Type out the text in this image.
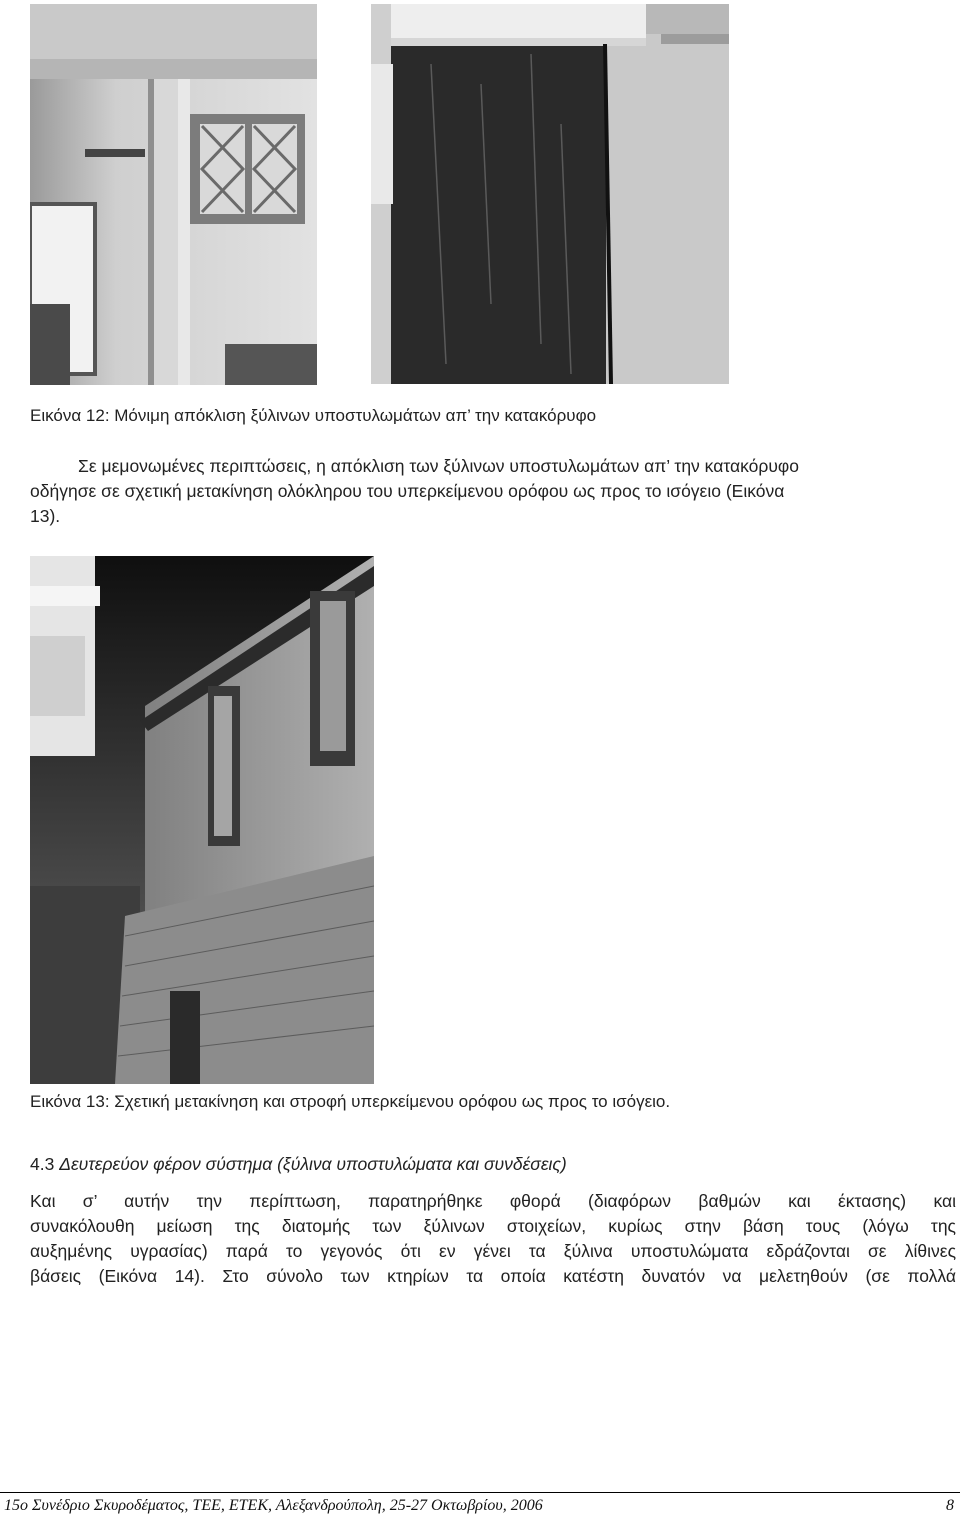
Εικόνα 12: Μόνιμη απόκλιση ξύλινων υποστυλωμάτων απ’ την κατακόρυφο
Σε μεμονωμένες περιπτώσεις, η απόκλιση των ξύλινων υποστυλωμάτων απ’ την κατακόρυφο
οδήγησε σε σχετική μετακίνηση ολόκληρου του υπερκείμενου ορόφου ως προς το ισόγειο (Εικόνα
13).
Εικόνα 13: Σχετική μετακίνηση και στροφή υπερκείμενου ορόφου ως προς το ισόγειο.
4.3 Δευτερεύον φέρον σύστημα (ξύλινα υποστυλώματα και συνδέσεις)
Και σ’ αυτήν την περίπτωση, παρατηρήθηκε φθορά (διαφόρων βαθμών και έκτασης) και
συνακόλουθη μείωση της διατομής των ξύλινων στοιχείων, κυρίως στην βάση τους (λόγω της
αυξημένης υγρασίας) παρά το γεγονός ότι εν γένει τα ξύλινα υποστυλώματα εδράζονται σε λίθινες
βάσεις (Εικόνα 14). Στο σύνολο των κτηρίων τα οποία κατέστη δυνατόν να μελετηθούν (σε πολλά
15ο Συνέδριο Σκυροδέματος, ΤΕΕ, ΕΤΕΚ, Αλεξανδρούπολη, 25-27 Οκτωβρίου, 2006	8
